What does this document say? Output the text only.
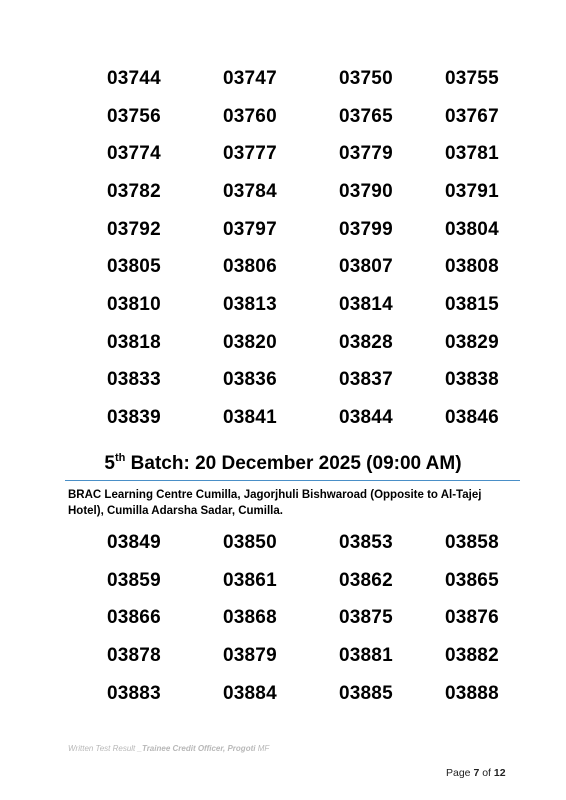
03744	03747	03750	03755
03756	03760	03765	03767
03774	03777	03779	03781
03782	03784	03790	03791
03792	03797	03799	03804
03805	03806	03807	03808
03810	03813	03814	03815
03818	03820	03828	03829
03833	03836	03837	03838
03839	03841	03844	03846
5th Batch: 20 December 2025 (09:00 AM)
BRAC Learning Centre Cumilla, Jagorjhuli Bishwaroad (Opposite to Al-Tajej Hotel), Cumilla Adarsha Sadar, Cumilla.
03849	03850	03853	03858
03859	03861	03862	03865
03866	03868	03875	03876
03878	03879	03881	03882
03883	03884	03885	03888
Written Test Result _Trainee Credit Officer, Progoti MF
Page 7 of 12
